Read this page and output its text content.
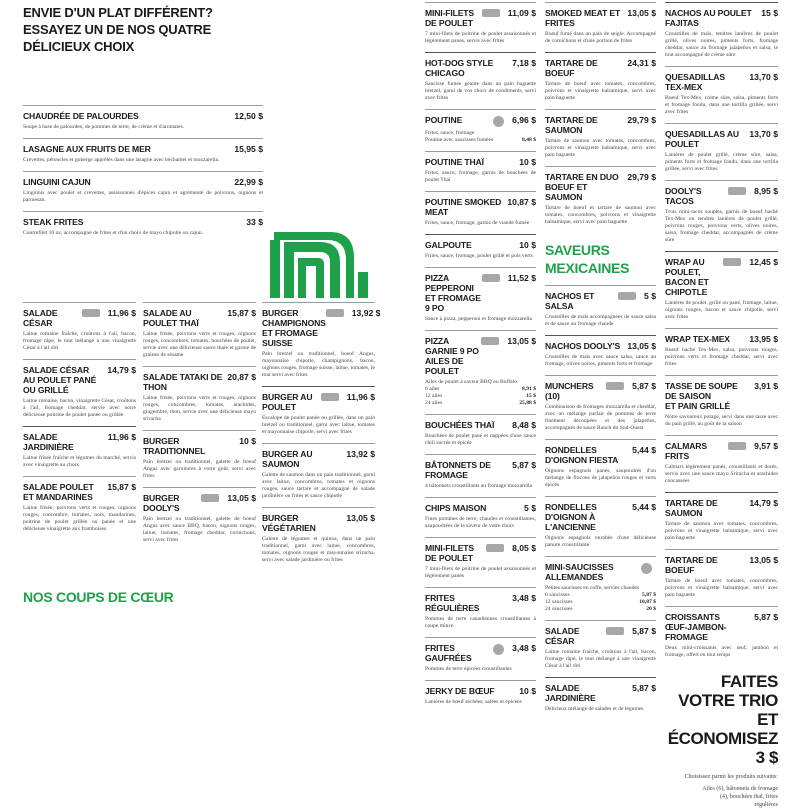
ENVIE D'UN PLAT DIFFÉRENT? ESSAYEZ UN DE NOS QUATRE DÉLICIEUX CHOIX
CHAUDRÉE DE PALOURDES	12,50 $
Soupe à base de palourdes, de pommes de terre, de crème et d'aromates.
LASAGNE AUX FRUITS DE MER	15,95 $
Crevettes, pétoncles et goberge apprêtés dans une lasagne avec béchamel et mozzarella.
LINGUINI CAJUN	22,99 $
Linguinis avec poulet et crevettes, assaisonnés d'épices cajun et agrémenté de poivrons, oignons et parmesan.
STEAK FRITES	33 $
Contrefilet 10 oz, accompagné de frites et d'un choix de mayo chipotle ou cajun.
SALADE CÉSAR
11,96 $
Laitue romaine fraîche, croûtons à l'ail, bacon, fromage râpé, le tout mélangé à une vinaigrette César à l'ail rôti
SALADE CÉSAR
AU POULET PANÉ OU GRILLÉ
14,79 $
Laitue romaine, bacon, vinaigrette César, croûtons à l'ail, fromage cheddar, servie avec notre délicieuse poitrine de poulet panée ou grillée
SALADE JARDINIÈRE
11,96 $
Laitue frisée fraîche et légumes du marché, servis avec vinaigrette au choix
SALADE POULET
ET MANDARINES
15,87 $
Laitue frisée, poivrons verts et rouges, oignons rouges, concombre, tomates, noix, mandarines, poitrine de poulet grillée ou panée et une délicieuse vinaigrette aux framboises
SALADE AU POULET THAÏ
15,87 $
Laitue frisée, poivrons verts et rouges, oignons rouges, concombres, tomates, bouchées de poulet, servie avec une délicieuse sauce thaïe et garnie de graines de sésame
SALADE TATAKI DE THON
20,87 $
Laitue frisée, poivrons verts et rouges, oignons rouges, concombres, tomates, arachides, gingembre, thon, servie avec une délicieuse mayo sriracha
BURGER TRADITIONNEL
10 $
Pain bretzel ou traditionnel, galette de boeuf Angus avec garnitures à votre goût, servi avec frites
BURGER DOOLY'S
13,05 $
Pain bretzel ou traditionnel, galette de boeuf Angus avec sauce BBQ, bacon, oignons rouges, laitue, tomates, fromage cheddar, cornichons, servi avec frites
BURGER CHAMPIGNONS
ET FROMAGE SUISSE
13,92 $
Pain bretzel ou traditionnel, boeuf Angus, mayonnaise chipotle, champignons, bacon, oignons rouges, fromage suisse, laitue, tomates, le tout servi avec frites
BURGER AU POULET
11,96 $
Escalope de poulet panée ou grillée, dans un pain bretzel ou traditionnel, garni avec laitue, tomates et mayonnaise chipotle, servi avec frites
BURGER AU SAUMON
13,92 $
Galette de saumon dans un pain traditionnel, garni avec laitue, concombres, tomates et oignons rouges, sauce tartare et accompagné de salade jardinière ou frites et sauce chipotle
BURGER VÉGÉTARIEN
13,05 $
Galette de légumes et quinoa, dans un pain traditionnel, garni avec laitue, concombres, tomates, oignons rouges et mayonnaise sriracha, servi avec salade jardinière ou frites
NOS COUPS DE CŒUR
MINI-FILETS
DE POULET
11,09 $
7 mini-filets de poitrine de poulet assaisonnés et légèrement panés, servis avec frites
HOT-DOG STYLE CHICAGO
7,18 $
Saucisse fumée géante dans un pain baguette bretzel, garni de vos choix de condiments, servi avec frites
POUTINE	6,96 $
Frites, sauce, fromage
Poutine avec saucisses fumées	8,48 $
POUTINE THAÏ	10 $
Frites, sauce, fromage, garnis de bouchées de poulet Thaï
POUTINE SMOKED MEAT
10,87 $
Frites, sauce, fromage, garnis de viande fumée
GALPOUTE	10 $
Frites, sauce, fromage, poulet grillé et pois verts
PIZZA PEPPERONI
ET FROMAGE 9 PO
11,52 $
Sauce à pizza, pepperoni et fromage mozzarella
PIZZA GARNIE 9 PO
AILES DE POULET
13,05 $
Ailes de poulet à saveur BBQ ou Buffalo
6 ailes	8,91 $
12 ailes	15 $
24 ailes	25,88 $
BOUCHÉES THAÏ 8,48 $
Bouchées de poulet pané et nappées d'une sauce chili sucrée et épicée
BÂTONNETS DE FROMAGE
5,87 $
4 bâtonnets croustillants au fromage mozzarella
CHIPS MAISON	5 $
Fines pommes de terre, chaudes et croustillantes, saupoudrées de la saveur de votre choix
MINI-FILETS DE POULET
8,05 $
7 mini-filets de poitrine de poulet assaisonnés et légèrement panés
FRITES RÉGULIÈRES
3,48 $
Pommes de terre canadiennes croustillantes à coupe mince
FRITES GAUFRÉES
3,48 $
Pommes de terre épicées croustillantes
JERKY DE BŒUF	10 $
Lanières de bœuf séchées, salées et épicées
SMOKED MEAT ET FRITES
13,05 $
Boeuf fumé dans un pain de seigle. Accompagné de cornichons et d'une portion de frites
TARTARE DE BOEUF
24,31 $
Tartare de boeuf avec tomates, concombres, poivrons et vinaigrette balsamique, servi avec pain baguette
TARTARE DE SAUMON
29,79 $
Tartare de saumon avec tomates, concombres, poivrons et vinaigrette balsamique, servi avec pain baguette
TARTARE EN DUO
BOEUF ET SAUMON
29,79 $
Tartare de boeuf et tartare de saumon avec tomates, concombres, poivrons et vinaigrette balsamique, servi avec pain baguette
SAVEURS MEXICAINES
NACHOS ET SALSA
5 $
Croustilles de maïs accompagnées de sauce salsa et de sauce au fromage chaude
NACHOS DOOLY'S 13,05 $
Croustilles de maïs avec sauce salsa, sauce au fromage, olives noires, piments forts et fromage
MUNCHERS (10)
5,87 $
Combinaison de fromages mozzarella et cheddar, avec un mélange parfait de pommes de terre finement découpées et des jalapeños, accompagnés de sauce Ranch du Sud-Ouest
RONDELLES D'OIGNON FIESTA
5,44 $
Oignons espagnols panés, saupoudrés d'un mélange de flocons de jalapeños rouges et verts épicés
RONDELLES D'OIGNON À
L'ANCIENNE
5,44 $
Oignons espagnols enrobés d'une délicieuse panure croustillante
MINI-SAUCISSES
ALLEMANDES
Petites saucisses en coffe, servies chaudes
6 saucisses	5,87 $
12 saucisses	10,87 $
24 saucisses	20 $
SALADE CÉSAR
5,87 $
Laitue romaine fraîche, croûtons à l'ail, bacon, fromage râpé, le tout mélangé à une vinaigrette César à l'ail rôti
SALADE JARDINIÈRE
5,87 $
Délicieux mélange de salades et de légumes
NACHOS AU POULET FAJITAS
15 $
Croustilles de maïs, tendres lanières de poulet grillé, olives noires, piments forts, fromage cheddar, sauce au fromage jalapeños et salsa, le tout accompagné de crème sûre
QUESADILLAS TEX-MEX
13,70 $
Boeuf Tex-Mex, crème sûre, salsa, piments forts et fromage fondu, dans une tortilla grillée, servi avec frites
QUESADILLAS AU POULET
13,70 $
Lanières de poulet grillé, crème sûre, salsa, piments forts et fromage fondu, dans une tortilla grillée, servi avec frites
DOOLY'S TACOS
8,95 $
Trois mini-tacos souples, garnis de boeuf haché Tex-Mex ou tendres lanières de poulet grillé, poivrons rouges, poivrons verts, olives noires, salsa, fromage cheddar, accompagnés de crème sûre
WRAP AU POULET,
BACON ET CHIPOTLE
12,45 $
Lanières de poulet, grillé ou pané, fromage, laitue, oignons rouges, bacon et sauce chipotle, servi avec frites
WRAP TEX-MEX 13,95 $
Boeuf haché Tex-Mex, salsa, poivrons rouges, poivrons verts et fromage cheddar, servi avec frites
TASSE DE SOUPE DE SAISON
ET PAIN GRILLÉ
3,91 $
Notre savoureux potage, servi dans une tasse avec du pain grillé, au goût de la saison
CALMARS FRITS
9,57 $
Calmars légèrement panés, croustillants et dorés, servis avec une sauce mayo Sriracha et arachides concassées
TARTARE DE SAUMON
14,79 $
Tartare de saumon avec tomates, concombres, poivrons et vinaigrette balsamique, servi avec pain baguette
TARTARE DE BOEUF
13,05 $
Tartare de boeuf avec tomates, concombres, poivrons et vinaigrette balsamique, servi avec pain baguette
CROISSANTS
ŒUF-JAMBON-FROMAGE
5,87 $
Deux mini-croissants avec œuf, jambon et fromage, offert en tout temps
FAITES VOTRE TRIO
ET ÉCONOMISEZ 3 $
Choisissez parmi les produits suivants:
Ailes (6), bâtonnets de fromage (4), bouchées thaï, frites régulières
